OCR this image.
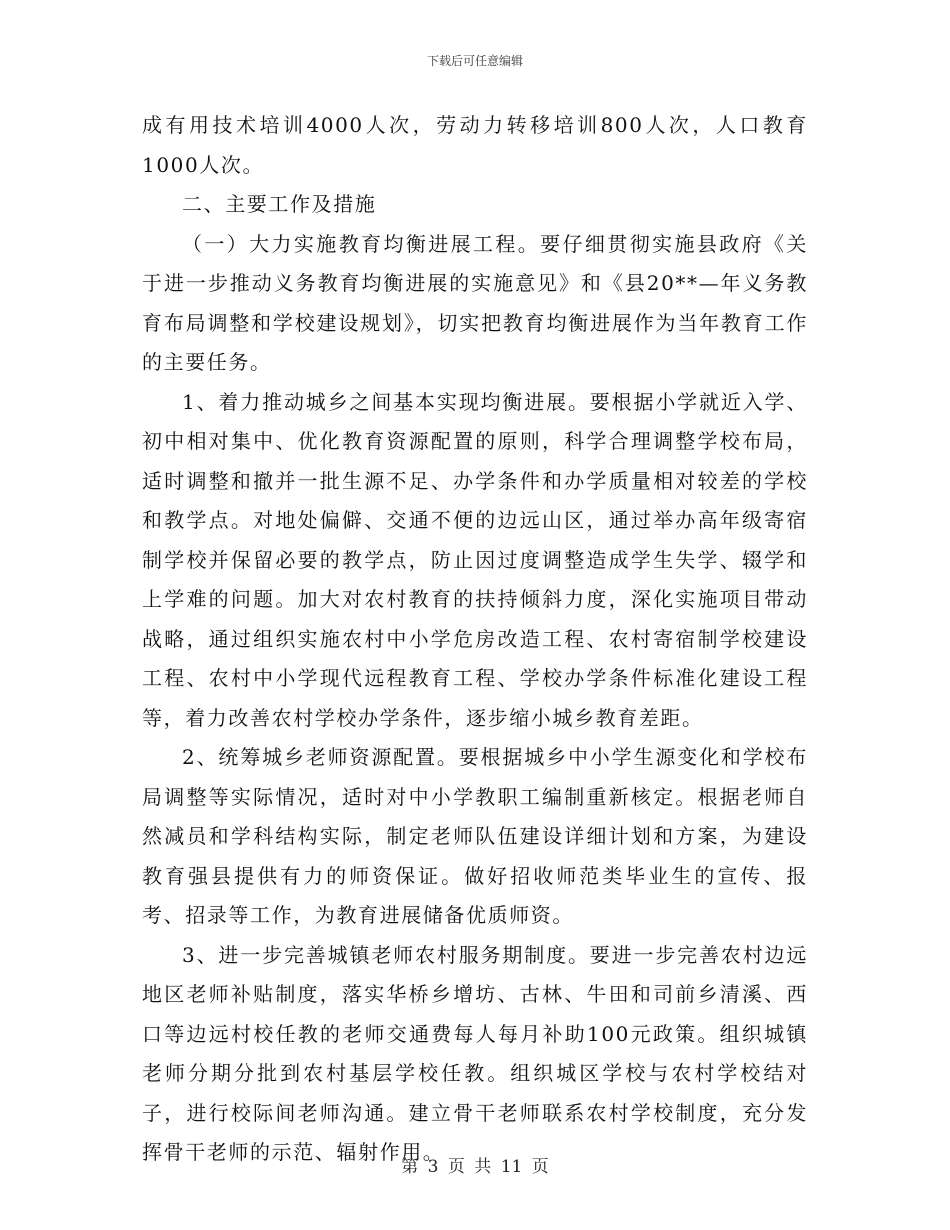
下载后可任意编辑

成有用技术培训4000人次，劳动力转移培训800人次，人口教育1000人次。

二、主要工作及措施

（一）大力实施教育均衡进展工程。要仔细贯彻实施县政府《关于进一步推动义务教育均衡进展的实施意见》和《县20**—年义务教育布局调整和学校建设规划》，切实把教育均衡进展作为当年教育工作的主要任务。

1、着力推动城乡之间基本实现均衡进展。要根据小学就近入学、初中相对集中、优化教育资源配置的原则，科学合理调整学校布局，适时调整和撤并一批生源不足、办学条件和办学质量相对较差的学校和教学点。对地处偏僻、交通不便的边远山区，通过举办高年级寄宿制学校并保留必要的教学点，防止因过度调整造成学生失学、辍学和上学难的问题。加大对农村教育的扶持倾斜力度，深化实施项目带动战略，通过组织实施农村中小学危房改造工程、农村寄宿制学校建设工程、农村中小学现代远程教育工程、学校办学条件标准化建设工程等，着力改善农村学校办学条件，逐步缩小城乡教育差距。

2、统筹城乡老师资源配置。要根据城乡中小学生源变化和学校布局调整等实际情况，适时对中小学教职工编制重新核定。根据老师自然减员和学科结构实际，制定老师队伍建设详细计划和方案，为建设教育强县提供有力的师资保证。做好招收师范类毕业生的宣传、报考、招录等工作，为教育进展储备优质师资。

3、进一步完善城镇老师农村服务期制度。要进一步完善农村边远地区老师补贴制度，落实华桥乡增坊、古林、牛田和司前乡清溪、西口等边远村校任教的老师交通费每人每月补助100元政策。组织城镇老师分期分批到农村基层学校任教。组织城区学校与农村学校结对子，进行校际间老师沟通。建立骨干老师联系农村学校制度，充分发挥骨干老师的示范、辐射作用。

第 3 页 共 11 页
